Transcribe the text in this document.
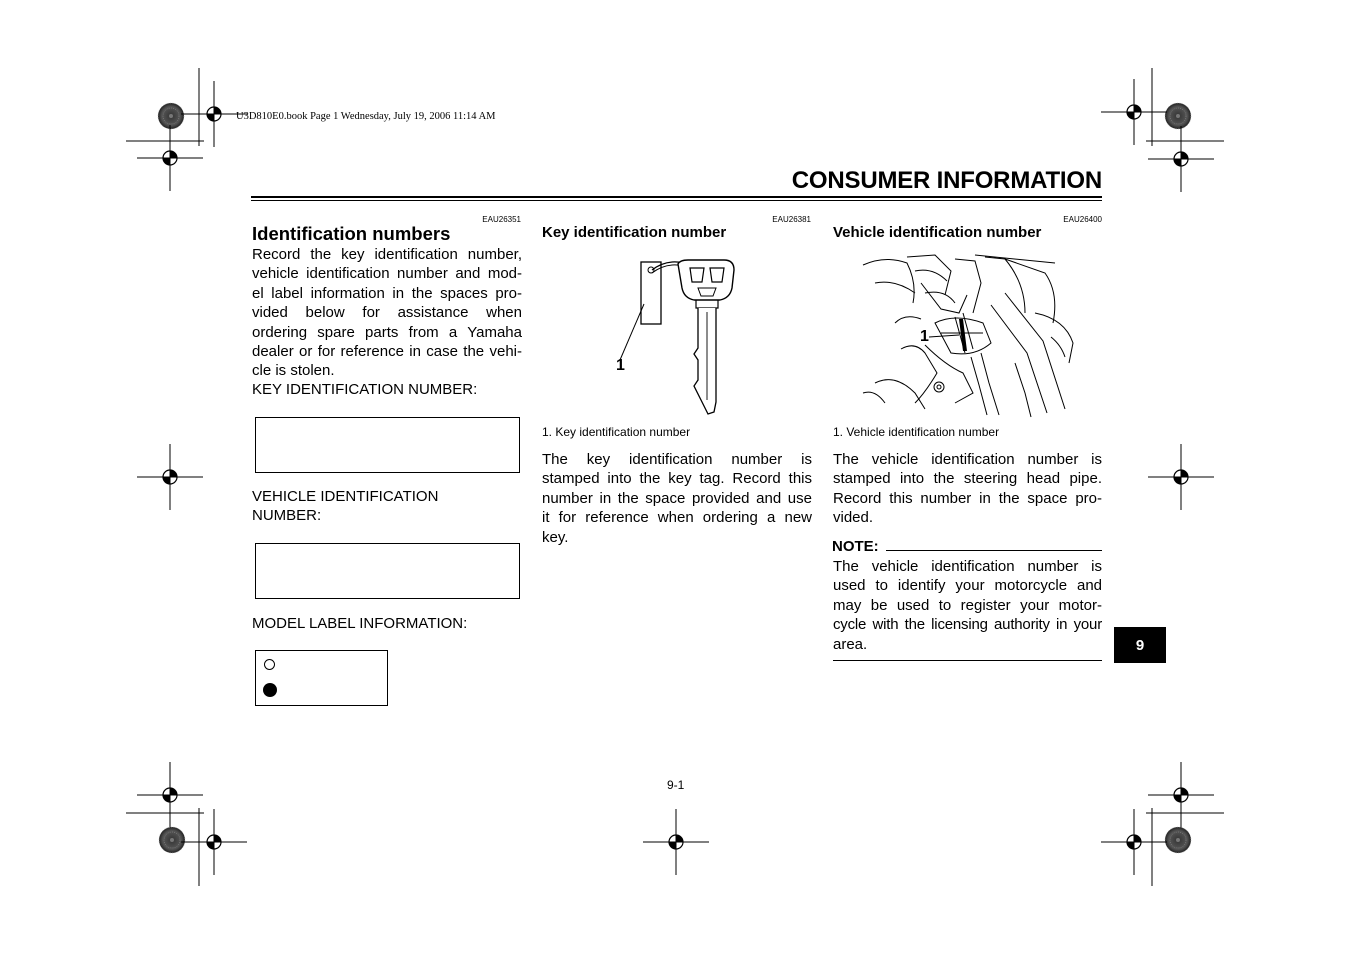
U3D810E0.book Page 1 Wednesday, July 19, 2006 11:14 AM
CONSUMER INFORMATION
EAU26351
Identification numbers
Record the key identification number,
vehicle identification number and mod-
el label information in the spaces pro-
vided below for assistance when
ordering spare parts from a Yamaha
dealer or for reference in case the vehi-
cle is stolen.
KEY IDENTIFICATION NUMBER:
VEHICLE IDENTIFICATION
NUMBER:
MODEL LABEL INFORMATION:
EAU26381
Key identification number
1
1. Key identification number
The key identification number is
stamped into the key tag. Record this
number in the space provided and use
it for reference when ordering a new
key.
EAU26400
Vehicle identification number
1
1. Vehicle identification number
The vehicle identification number is
stamped into the steering head pipe.
Record this number in the space pro-
vided.
NOTE:
The vehicle identification number is
used to identify your motorcycle and
may be used to register your motor-
cycle with the licensing authority in your
area.	9
9-1
